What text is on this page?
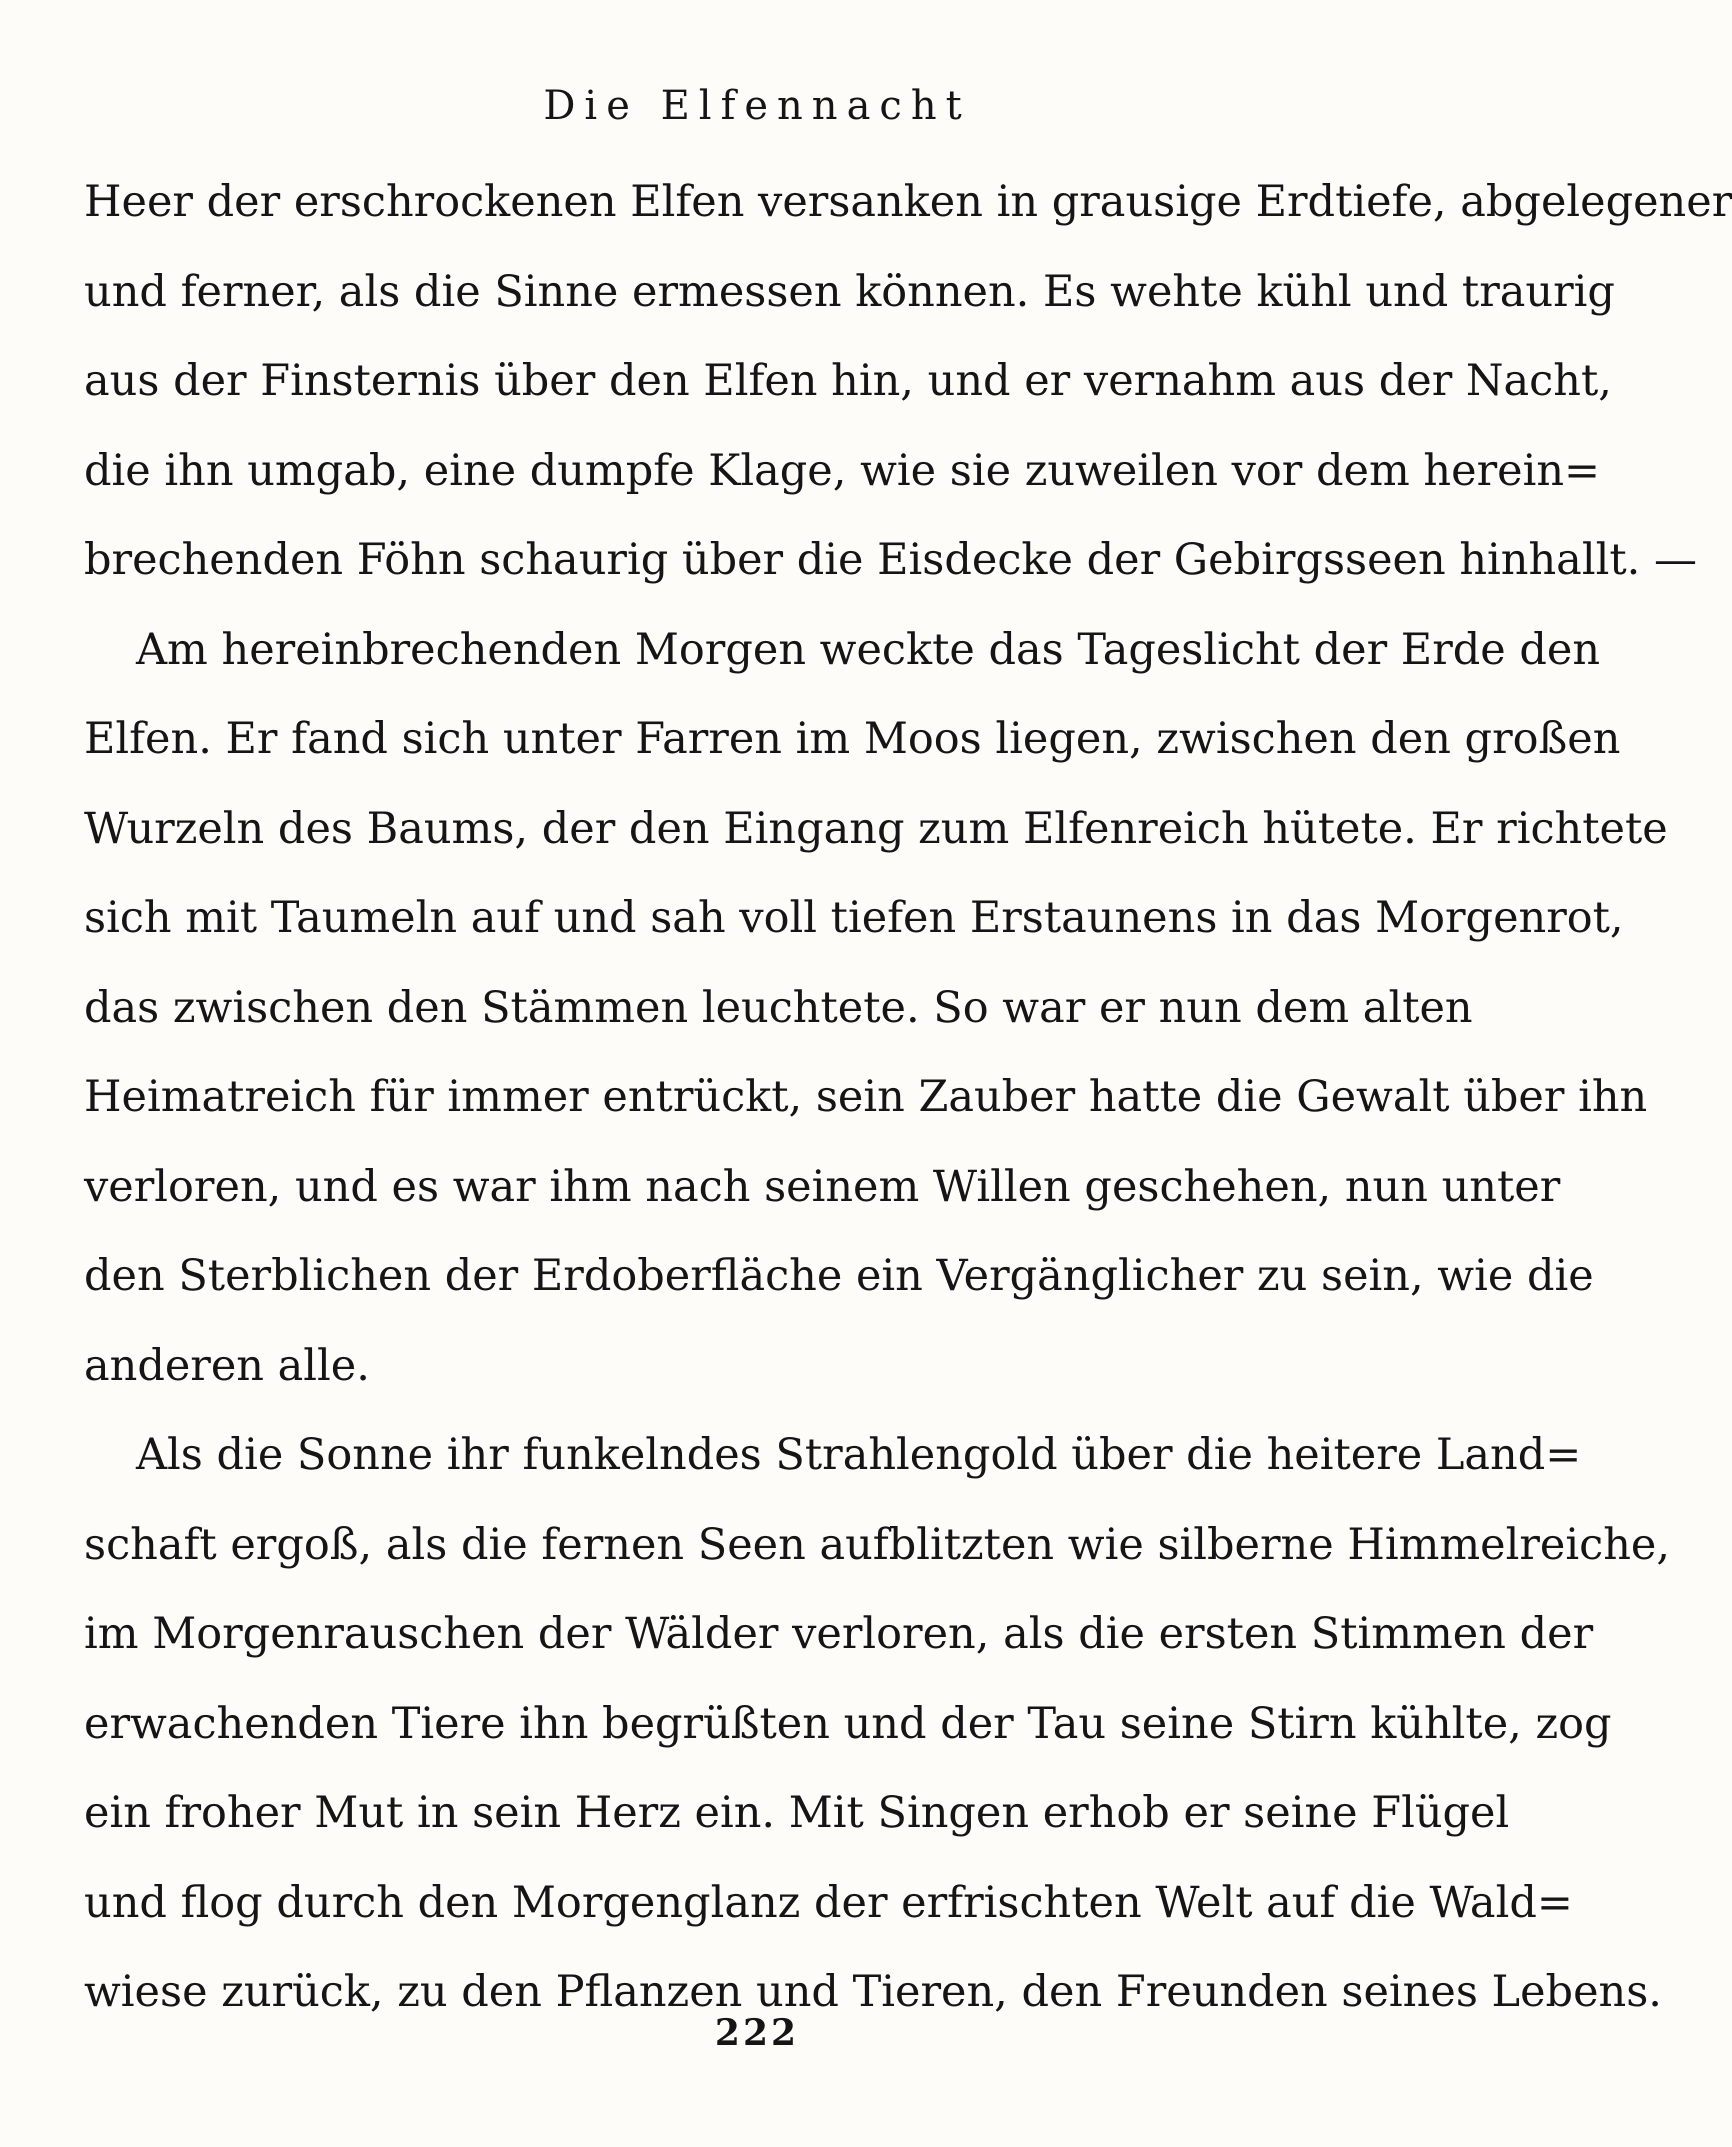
Die Elfennacht
Heer der erschrockenen Elfen versanken in grausige Erdtiefe, abgelegener
und ferner, als die Sinne ermessen können. Es wehte kühl und traurig
aus der Finsternis über den Elfen hin, und er vernahm aus der Nacht,
die ihn umgab, eine dumpfe Klage, wie sie zuweilen vor dem herein=
brechenden Föhn schaurig über die Eisdecke der Gebirgsseen hinhallt. —
Am hereinbrechenden Morgen weckte das Tageslicht der Erde den
Elfen. Er fand sich unter Farren im Moos liegen, zwischen den großen
Wurzeln des Baums, der den Eingang zum Elfenreich hütete. Er richtete
sich mit Taumeln auf und sah voll tiefen Erstaunens in das Morgenrot,
das zwischen den Stämmen leuchtete. So war er nun dem alten
Heimatreich für immer entrückt, sein Zauber hatte die Gewalt über ihn
verloren, und es war ihm nach seinem Willen geschehen, nun unter
den Sterblichen der Erdoberfläche ein Vergänglicher zu sein, wie die
anderen alle.
Als die Sonne ihr funkelndes Strahlengold über die heitere Land=
schaft ergoß, als die fernen Seen aufblitzten wie silberne Himmelreiche,
im Morgenrauschen der Wälder verloren, als die ersten Stimmen der
erwachenden Tiere ihn begrüßten und der Tau seine Stirn kühlte, zog
ein froher Mut in sein Herz ein. Mit Singen erhob er seine Flügel
und flog durch den Morgenglanz der erfrischten Welt auf die Wald=
wiese zurück, zu den Pflanzen und Tieren, den Freunden seines Lebens.
222
